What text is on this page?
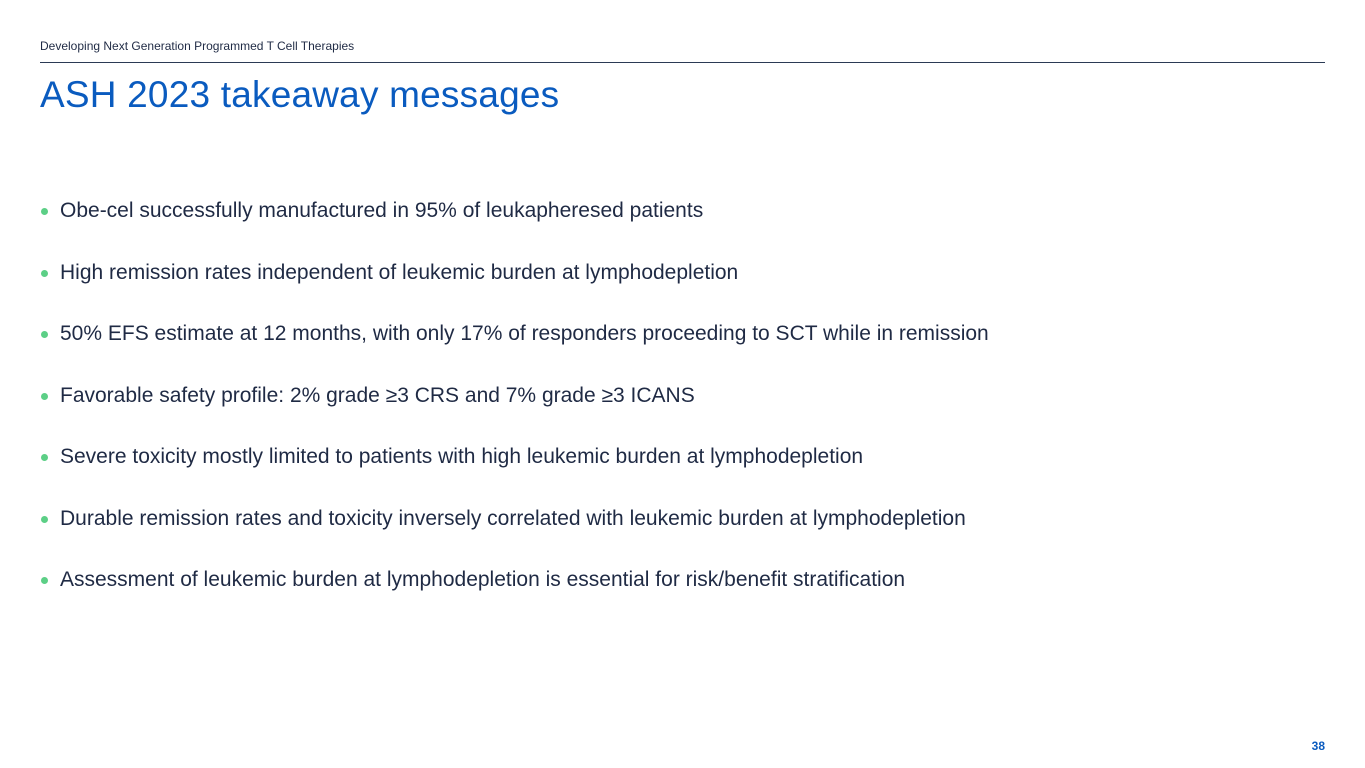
Developing Next Generation Programmed T Cell Therapies
ASH 2023 takeaway messages
Obe-cel successfully manufactured in 95% of leukapheresed patients
High remission rates independent of leukemic burden at lymphodepletion
50% EFS estimate at 12 months, with only 17% of responders proceeding to SCT while in remission
Favorable safety profile: 2% grade ≥3 CRS and 7% grade ≥3 ICANS
Severe toxicity mostly limited to patients with high leukemic burden at lymphodepletion
Durable remission rates and toxicity inversely correlated with leukemic burden at lymphodepletion
Assessment of leukemic burden at lymphodepletion is essential for risk/benefit stratification
38
